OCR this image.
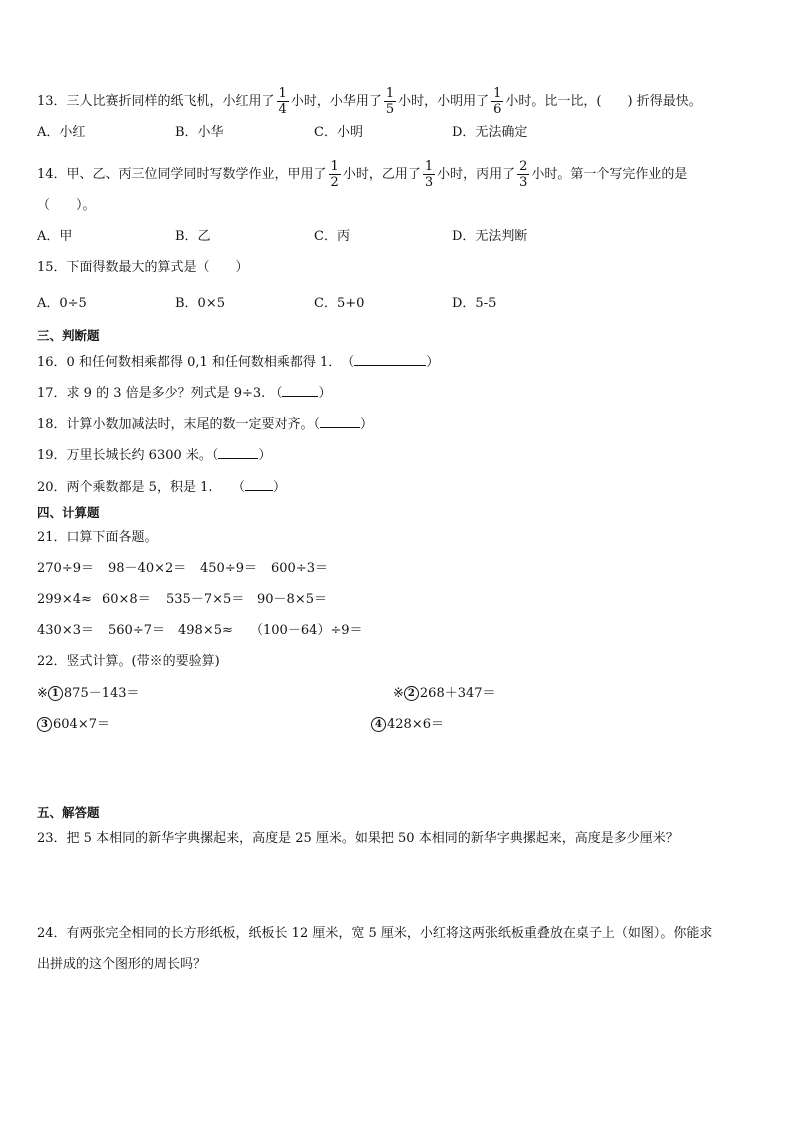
13．三人比赛折同样的纸飞机，小红用了 $\frac{1}{4}$ 小时，小华用了 $\frac{1}{5}$ 小时，小明用了 $\frac{1}{6}$ 小时。比一比，(　　) 折得最快。
A．小红	B．小华	C．小明	D．无法确定
14．甲、乙、丙三位同学同时写数学作业，甲用了 $\frac{1}{2}$ 小时，乙用了 $\frac{1}{3}$ 小时，丙用了 $\frac{2}{3}$ 小时。第一个写完作业的是
（　　）。
A．甲	B．乙	C．丙	D．无法判断
15．下面得数最大的算式是（　　）
A．0÷5	B．0×5	C．5+0	D．5-5
三、判断题
16．0 和任何数相乘都得 0,1 和任何数相乘都得 1．　（	）
17．求 9 的 3 倍是多少？列式是 9÷3. （	）
18．计算小数加减法时，末尾的数一定要对齐。（	）
19．万里长城长约 6300 米。（	）
20．两个乘数都是 5，积是 1.　　（ ）
四、计算题
21．口算下面各题。
270÷9＝ 98－40×2＝ 450÷9＝ 600÷3＝
299×4≈ 60×8＝ 535－7×5＝ 90－8×5＝
430×3＝ 560÷7＝ 498×5≈ （100－64）÷9＝
22．竖式计算。(带※的要验算)
※ 1 875－143＝	※ 2 268＋347＝
3 604×7＝	4 428×6＝
五、解答题
23．把 5 本相同的新华字典摞起来，高度是 25 厘米。如果把 50 本相同的新华字典摞起来，高度是多少厘米？
24．有两张完全相同的长方形纸板，纸板长 12 厘米，宽 5 厘米，小红将这两张纸板重叠放在桌子上（如图）。你能求
出拼成的这个图形的周长吗？
